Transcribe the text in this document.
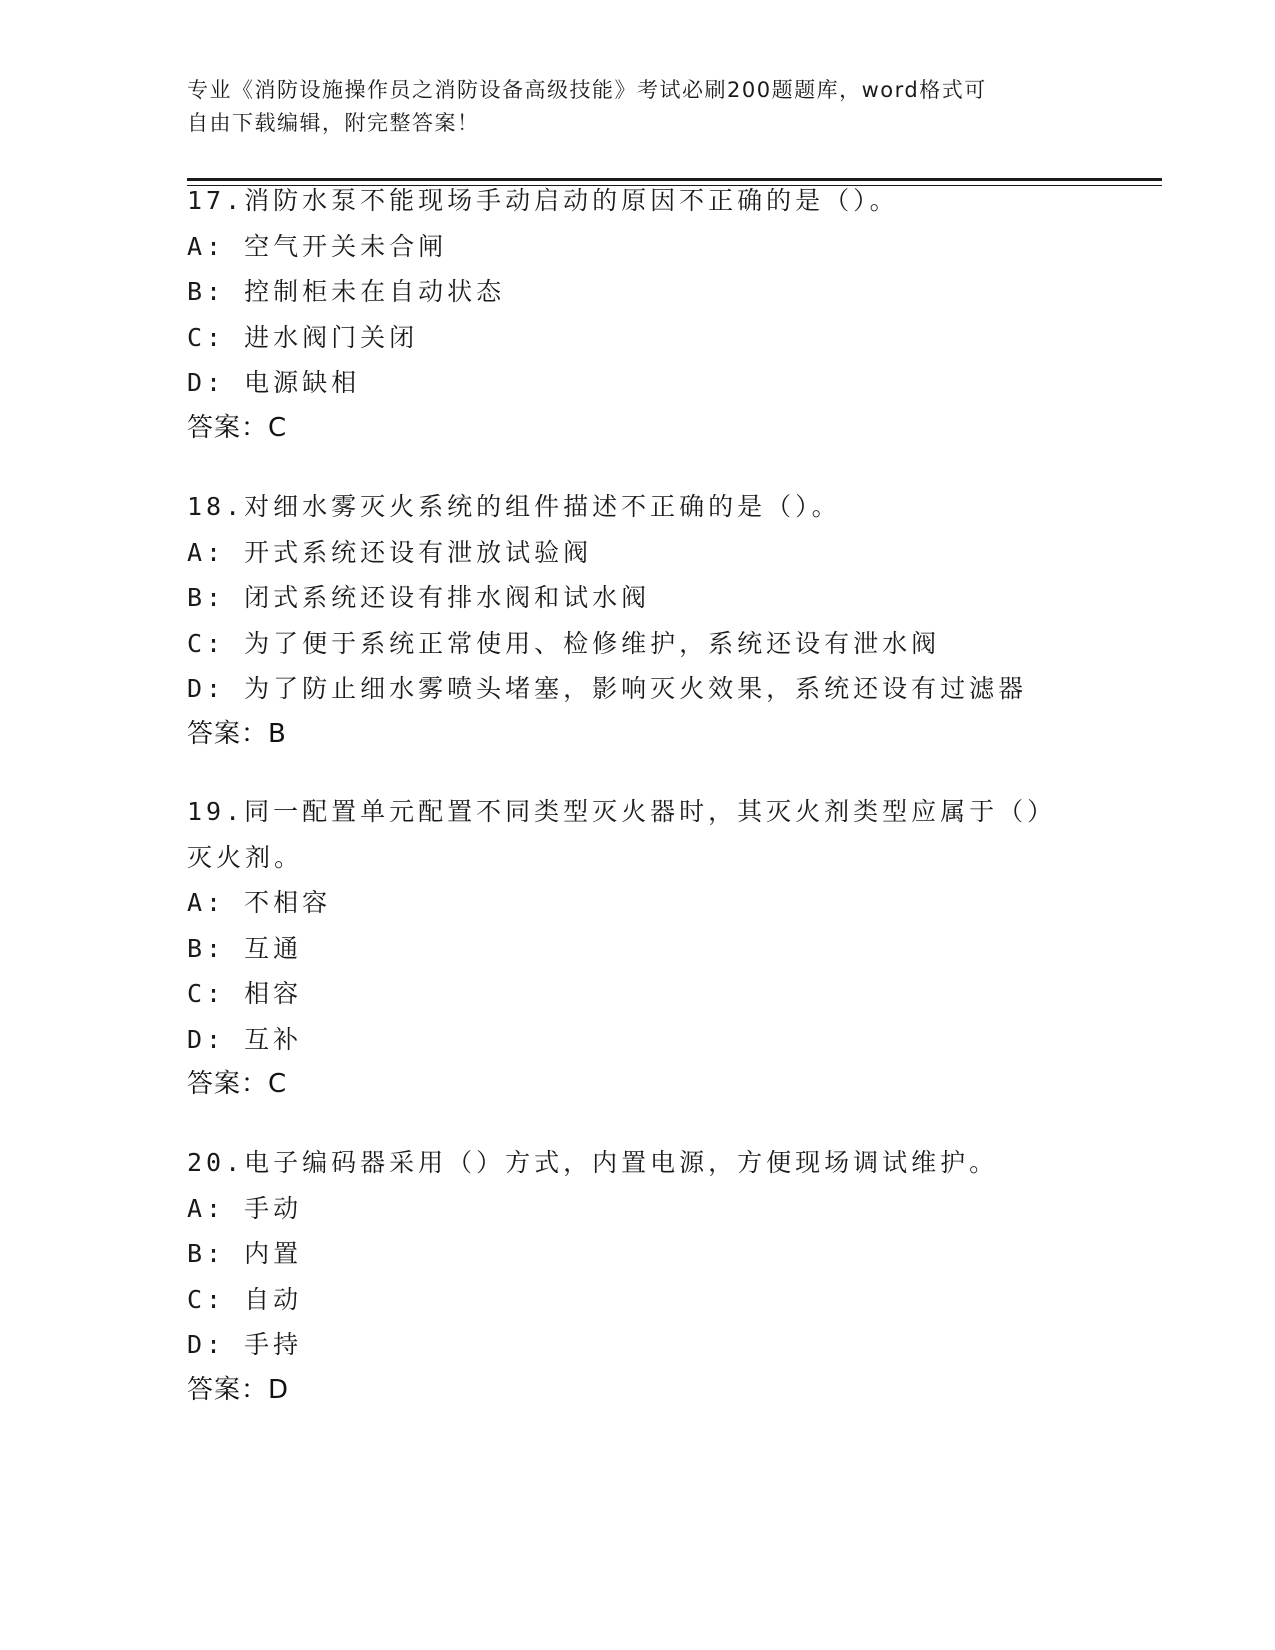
专业《消防设施操作员之消防设备高级技能》考试必刷200题题库，word格式可
自由下载编辑，附完整答案！
17.消防水泵不能现场手动启动的原因不正确的是（）。
A: 空气开关未合闸
B: 控制柜未在自动状态
C: 进水阀门关闭
D: 电源缺相
答案：C
18.对细水雾灭火系统的组件描述不正确的是（）。
A: 开式系统还设有泄放试验阀
B: 闭式系统还设有排水阀和试水阀
C: 为了便于系统正常使用、检修维护，系统还设有泄水阀
D: 为了防止细水雾喷头堵塞，影响灭火效果，系统还设有过滤器
答案：B
19.同一配置单元配置不同类型灭火器时，其灭火剂类型应属于（）灭火剂。
A: 不相容
B: 互通
C: 相容
D: 互补
答案：C
20.电子编码器采用（）方式，内置电源，方便现场调试维护。
A: 手动
B: 内置
C: 自动
D: 手持
答案：D
